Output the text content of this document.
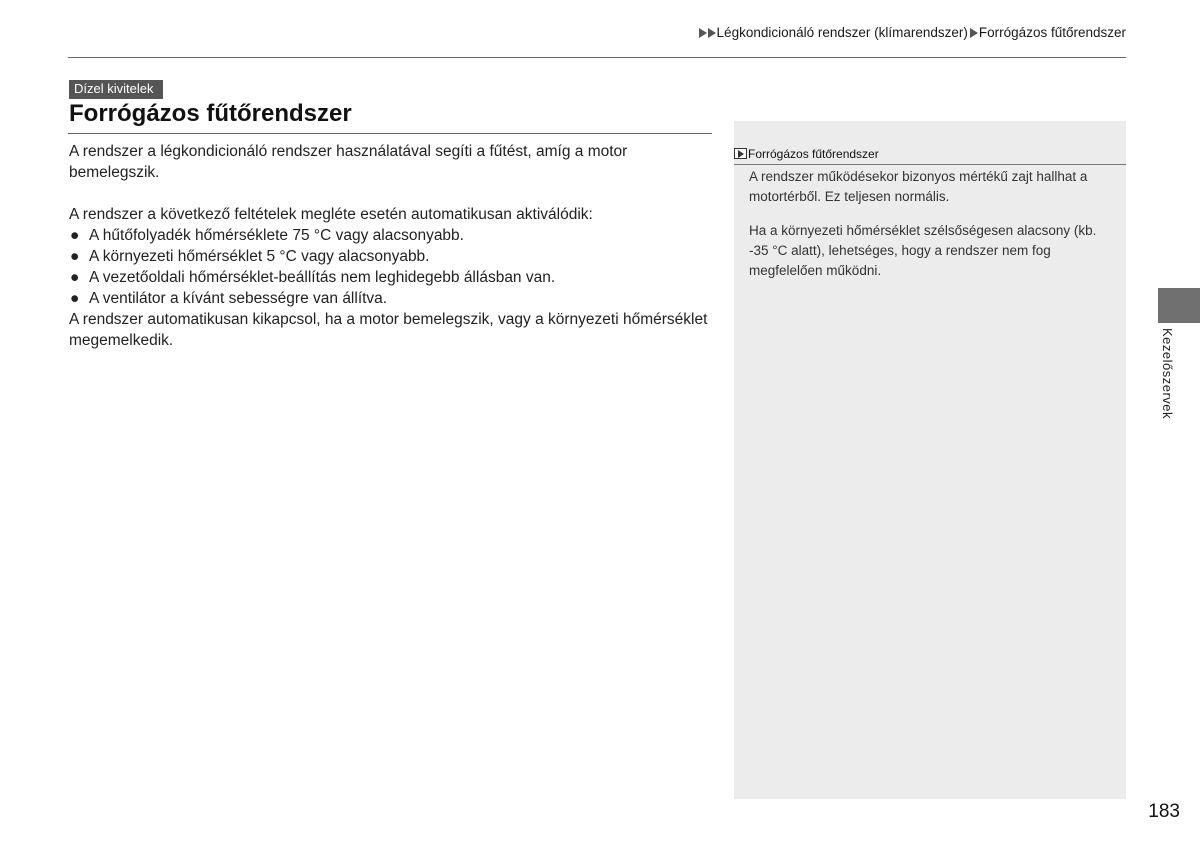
Légkondicionáló rendszer (klímarendszer) Forrógázos fűtőrendszer
Dízel kivitelek
Forrógázos fűtőrendszer

A rendszer a légkondicionáló rendszer használatával segíti a fűtést, amíg a motor bemelegszik.

A rendszer a következő feltételek megléte esetén automatikusan aktiválódik:

● A hűtőfolyadék hőmérséklete 75 °C vagy alacsonyabb.
● A környezeti hőmérséklet 5 °C vagy alacsonyabb.
● A vezetőoldali hőmérséklet-beállítás nem leghidegebb állásban van.
● A ventilátor a kívánt sebességre van állítva.

A rendszer automatikusan kikapcsol, ha a motor bemelegszik, vagy a környezeti hőmérséklet megemelkedik.

Forrógázos fűtőrendszer

A rendszer működésekor bizonyos mértékű zajt hallhat a motortérből. Ez teljesen normális.

Ha a környezeti hőmérséklet szélsőségesen alacsony (kb. -35 °C alatt), lehetséges, hogy a rendszer nem fog megfelelően működni.

Kezelőszervek
183
